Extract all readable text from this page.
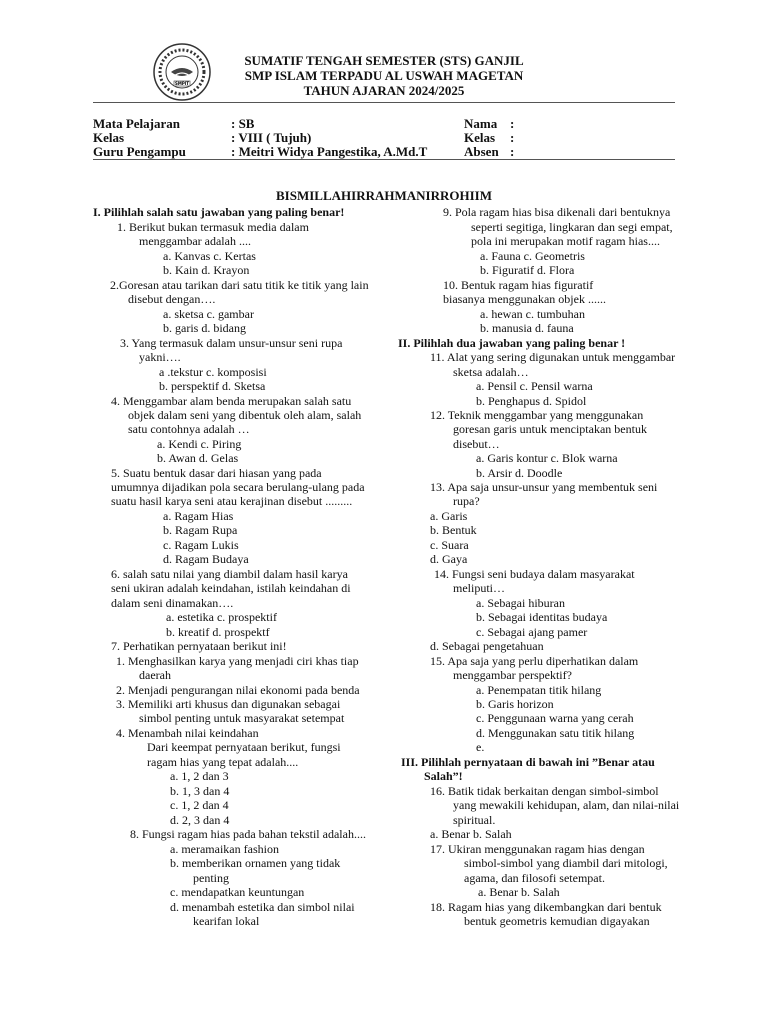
SMPIT
SUMATIF TENGAH SEMESTER (STS) GANJIL
SMP ISLAM TERPADU AL USWAH MAGETAN
TAHUN AJARAN 2024/2025
Mata Pelajaran	: SB
Kelas	: VIII ( Tujuh)
Guru Pengampu	: Meitri Widya Pangestika, A.Md.T
Nama :
Kelas :
Absen :
BISMILLAHIRRAHMANIRROHIIM
I. Pilihlah salah satu jawaban yang paling benar!
1. Berikut bukan termasuk media dalam
menggambar adalah ....
a. Kanvas c. Kertas
b. Kain d. Krayon
2.Goresan atau tarikan dari satu titik ke titik yang lain
disebut dengan….
a. sketsa c. gambar
b. garis d. bidang
3. Yang termasuk dalam unsur-unsur seni rupa
yakni….
a .tekstur c. komposisi
b. perspektif d. Sketsa
4. Menggambar alam benda merupakan salah satu
objek dalam seni yang dibentuk oleh alam, salah
satu contohnya adalah …
a. Kendi c. Piring
b. Awan d. Gelas
5. Suatu bentuk dasar dari hiasan yang pada
umumnya dijadikan pola secara berulang-ulang pada
suatu hasil karya seni atau kerajinan disebut .........
a. Ragam Hias
b. Ragam Rupa
c. Ragam Lukis
d. Ragam Budaya
6. salah satu nilai yang diambil dalam hasil karya
seni ukiran adalah keindahan, istilah keindahan di
dalam seni dinamakan….
a. estetika c. prospektif
b. kreatif d. prospektf
7. Perhatikan pernyataan berikut ini!
1. Menghasilkan karya yang menjadi ciri khas tiap
daerah
2. Menjadi pengurangan nilai ekonomi pada benda
3. Memiliki arti khusus dan digunakan sebagai
simbol penting untuk masyarakat setempat
4. Menambah nilai keindahan
Dari keempat pernyataan berikut, fungsi
ragam hias yang tepat adalah....
a. 1, 2 dan 3
b. 1, 3 dan 4
c. 1, 2 dan 4
d. 2, 3 dan 4
8. Fungsi ragam hias pada bahan tekstil adalah....
a. meramaikan fashion
b. memberikan ornamen yang tidak
penting
c. mendapatkan keuntungan
d. menambah estetika dan simbol nilai
kearifan lokal
9. Pola ragam hias bisa dikenali dari bentuknya
seperti segitiga, lingkaran dan segi empat,
pola ini merupakan motif ragam hias....
a. Fauna c. Geometris
b. Figuratif d. Flora
10. Bentuk ragam hias figuratif
biasanya menggunakan objek ......
a. hewan c. tumbuhan
b. manusia d. fauna
II. Pilihlah dua jawaban yang paling benar !
11. Alat yang sering digunakan untuk menggambar
sketsa adalah…
a. Pensil c. Pensil warna
b. Penghapus d. Spidol
12. Teknik menggambar yang menggunakan
goresan garis untuk menciptakan bentuk
disebut…
a. Garis kontur c. Blok warna
b. Arsir d. Doodle
13. Apa saja unsur-unsur yang membentuk seni
rupa?
a. Garis
b. Bentuk
c. Suara
d. Gaya
14. Fungsi seni budaya dalam masyarakat
meliputi…
a. Sebagai hiburan
b. Sebagai identitas budaya
c. Sebagai ajang pamer
d. Sebagai pengetahuan
15. Apa saja yang perlu diperhatikan dalam
menggambar perspektif?
a. Penempatan titik hilang
b. Garis horizon
c. Penggunaan warna yang cerah
d. Menggunakan satu titik hilang
e.
III. Pilihlah pernyataan di bawah ini ”Benar atau
Salah”!
16. Batik tidak berkaitan dengan simbol-simbol
yang mewakili kehidupan, alam, dan nilai-nilai
spiritual.
a. Benar b. Salah
17. Ukiran menggunakan ragam hias dengan
simbol-simbol yang diambil dari mitologi,
agama, dan filosofi setempat.
a. Benar b. Salah
18. Ragam hias yang dikembangkan dari bentuk
bentuk geometris kemudian digayakan
